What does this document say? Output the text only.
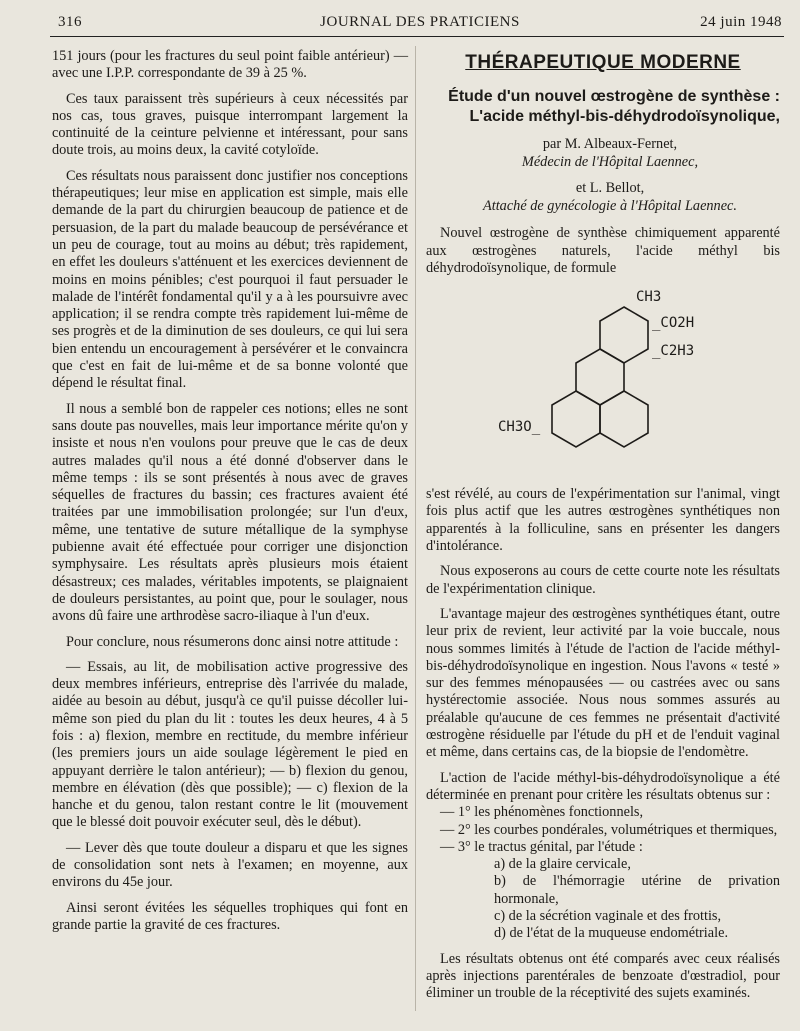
316	JOURNAL DES PRATICIENS	24 juin 1948

151 jours (pour les fractures du seul point faible antérieur) — avec une I.P.P. correspondante de 39 à 25 %.

Ces taux paraissent très supérieurs à ceux nécessités par nos cas, tous graves, puisque interrompant largement la continuité de la ceinture pelvienne et intéressant, pour sans doute trois, au moins deux, la cavité cotyloïde.

Ces résultats nous paraissent donc justifier nos conceptions thérapeutiques; leur mise en application est simple, mais elle demande de la part du chirurgien beaucoup de patience et de persuasion, de la part du malade beaucoup de persévérance et un peu de courage, tout au moins au début; très rapidement, en effet les douleurs s'atténuent et les exercices deviennent de moins en moins pénibles; c'est pourquoi il faut persuader le malade de l'intérêt fondamental qu'il y a à les poursuivre avec application; il se rendra compte très rapidement lui-même de ses progrès et de la diminution de ses douleurs, ce qui lui sera bien entendu un encouragement à persévérer et le convaincra que c'est en fait de lui-même et de sa bonne volonté que dépend le résultat final.

Il nous a semblé bon de rappeler ces notions; elles ne sont sans doute pas nouvelles, mais leur importance mérite qu'on y insiste et nous n'en voulons pour preuve que le cas de deux autres malades qu'il nous a été donné d'observer dans le même temps : ils se sont présentés à nous avec de graves séquelles de fractures du bassin; ces fractures avaient été traitées par une immobilisation prolongée; sur l'un d'eux, même, une tentative de suture métallique de la symphyse pubienne avait été effectuée pour corriger une disjonction symphysaire. Les résultats après plusieurs mois étaient désastreux; ces malades, véritables impotents, se plaignaient de douleurs persistantes, au point que, pour le soulager, nous avons dû faire une arthrodèse sacro-iliaque à l'un d'eux.

Pour conclure, nous résumerons donc ainsi notre attitude :

— Essais, au lit, de mobilisation active progressive des deux membres inférieurs, entreprise dès l'arrivée du malade, aidée au besoin au début, jusqu'à ce qu'il puisse décoller lui-même son pied du plan du lit : toutes les deux heures, 4 à 5 fois : a) flexion, membre en rectitude, du membre inférieur (les premiers jours un aide soulage légèrement le pied en appuyant derrière le talon antérieur); — b) flexion du genou, membre en élévation (dès que possible); — c) flexion de la hanche et du genou, talon restant contre le lit (mouvement que le blessé doit pouvoir exécuter seul, dès le début).

— Lever dès que toute douleur a disparu et que les signes de consolidation sont nets à l'examen; en moyenne, aux environs du 45e jour.

Ainsi seront évitées les séquelles trophiques qui font en grande partie la gravité de ces fractures.

THÉRAPEUTIQUE MODERNE
Étude d'un nouvel œstrogène de synthèse : L'acide méthyl-bis-déhydrodoïsynolique,

par M. Albeaux-Fernet,
Médecin de l'Hôpital Laennec,

et L. Bellot,
Attaché de gynécologie à l'Hôpital Laennec.

Nouvel œstrogène de synthèse chimiquement apparenté aux œstrogènes naturels, l'acide méthyl bis déhydrodoïsynolique, de formule

CH3
_CO2H
_C2H3
CH3O_

s'est révélé, au cours de l'expérimentation sur l'animal, vingt fois plus actif que les autres œstrogènes synthétiques non apparentés à la folliculine, sans en présenter les dangers d'intolérance.

Nous exposerons au cours de cette courte note les résultats de l'expérimentation clinique.

L'avantage majeur des œstrogènes synthétiques étant, outre leur prix de revient, leur activité par la voie buccale, nous nous sommes limités à l'étude de l'action de l'acide méthyl-bis-déhydrodoïsynolique en ingestion. Nous l'avons « testé » sur des femmes ménopausées — ou castrées avec ou sans hystérectomie associée. Nous nous sommes assurés au préalable qu'aucune de ces femmes ne présentait d'activité œstrogène résiduelle par l'étude du pH et de l'enduit vaginal et même, dans certains cas, de la biopsie de l'endomètre.

L'action de l'acide méthyl-bis-déhydrodoïsynolique a été déterminée en prenant pour critère les résultats obtenus sur :

— 1° les phénomènes fonctionnels,
— 2° les courbes pondérales, volumétriques et thermiques,
— 3° le tractus génital, par l'étude :
a) de la glaire cervicale,
b) de l'hémorragie utérine de privation hormonale,
c) de la sécrétion vaginale et des frottis,
d) de l'état de la muqueuse endométriale.

Les résultats obtenus ont été comparés avec ceux réalisés après injections parentérales de benzoate d'œstradiol, pour éliminer un trouble de la réceptivité des sujets examinés.
